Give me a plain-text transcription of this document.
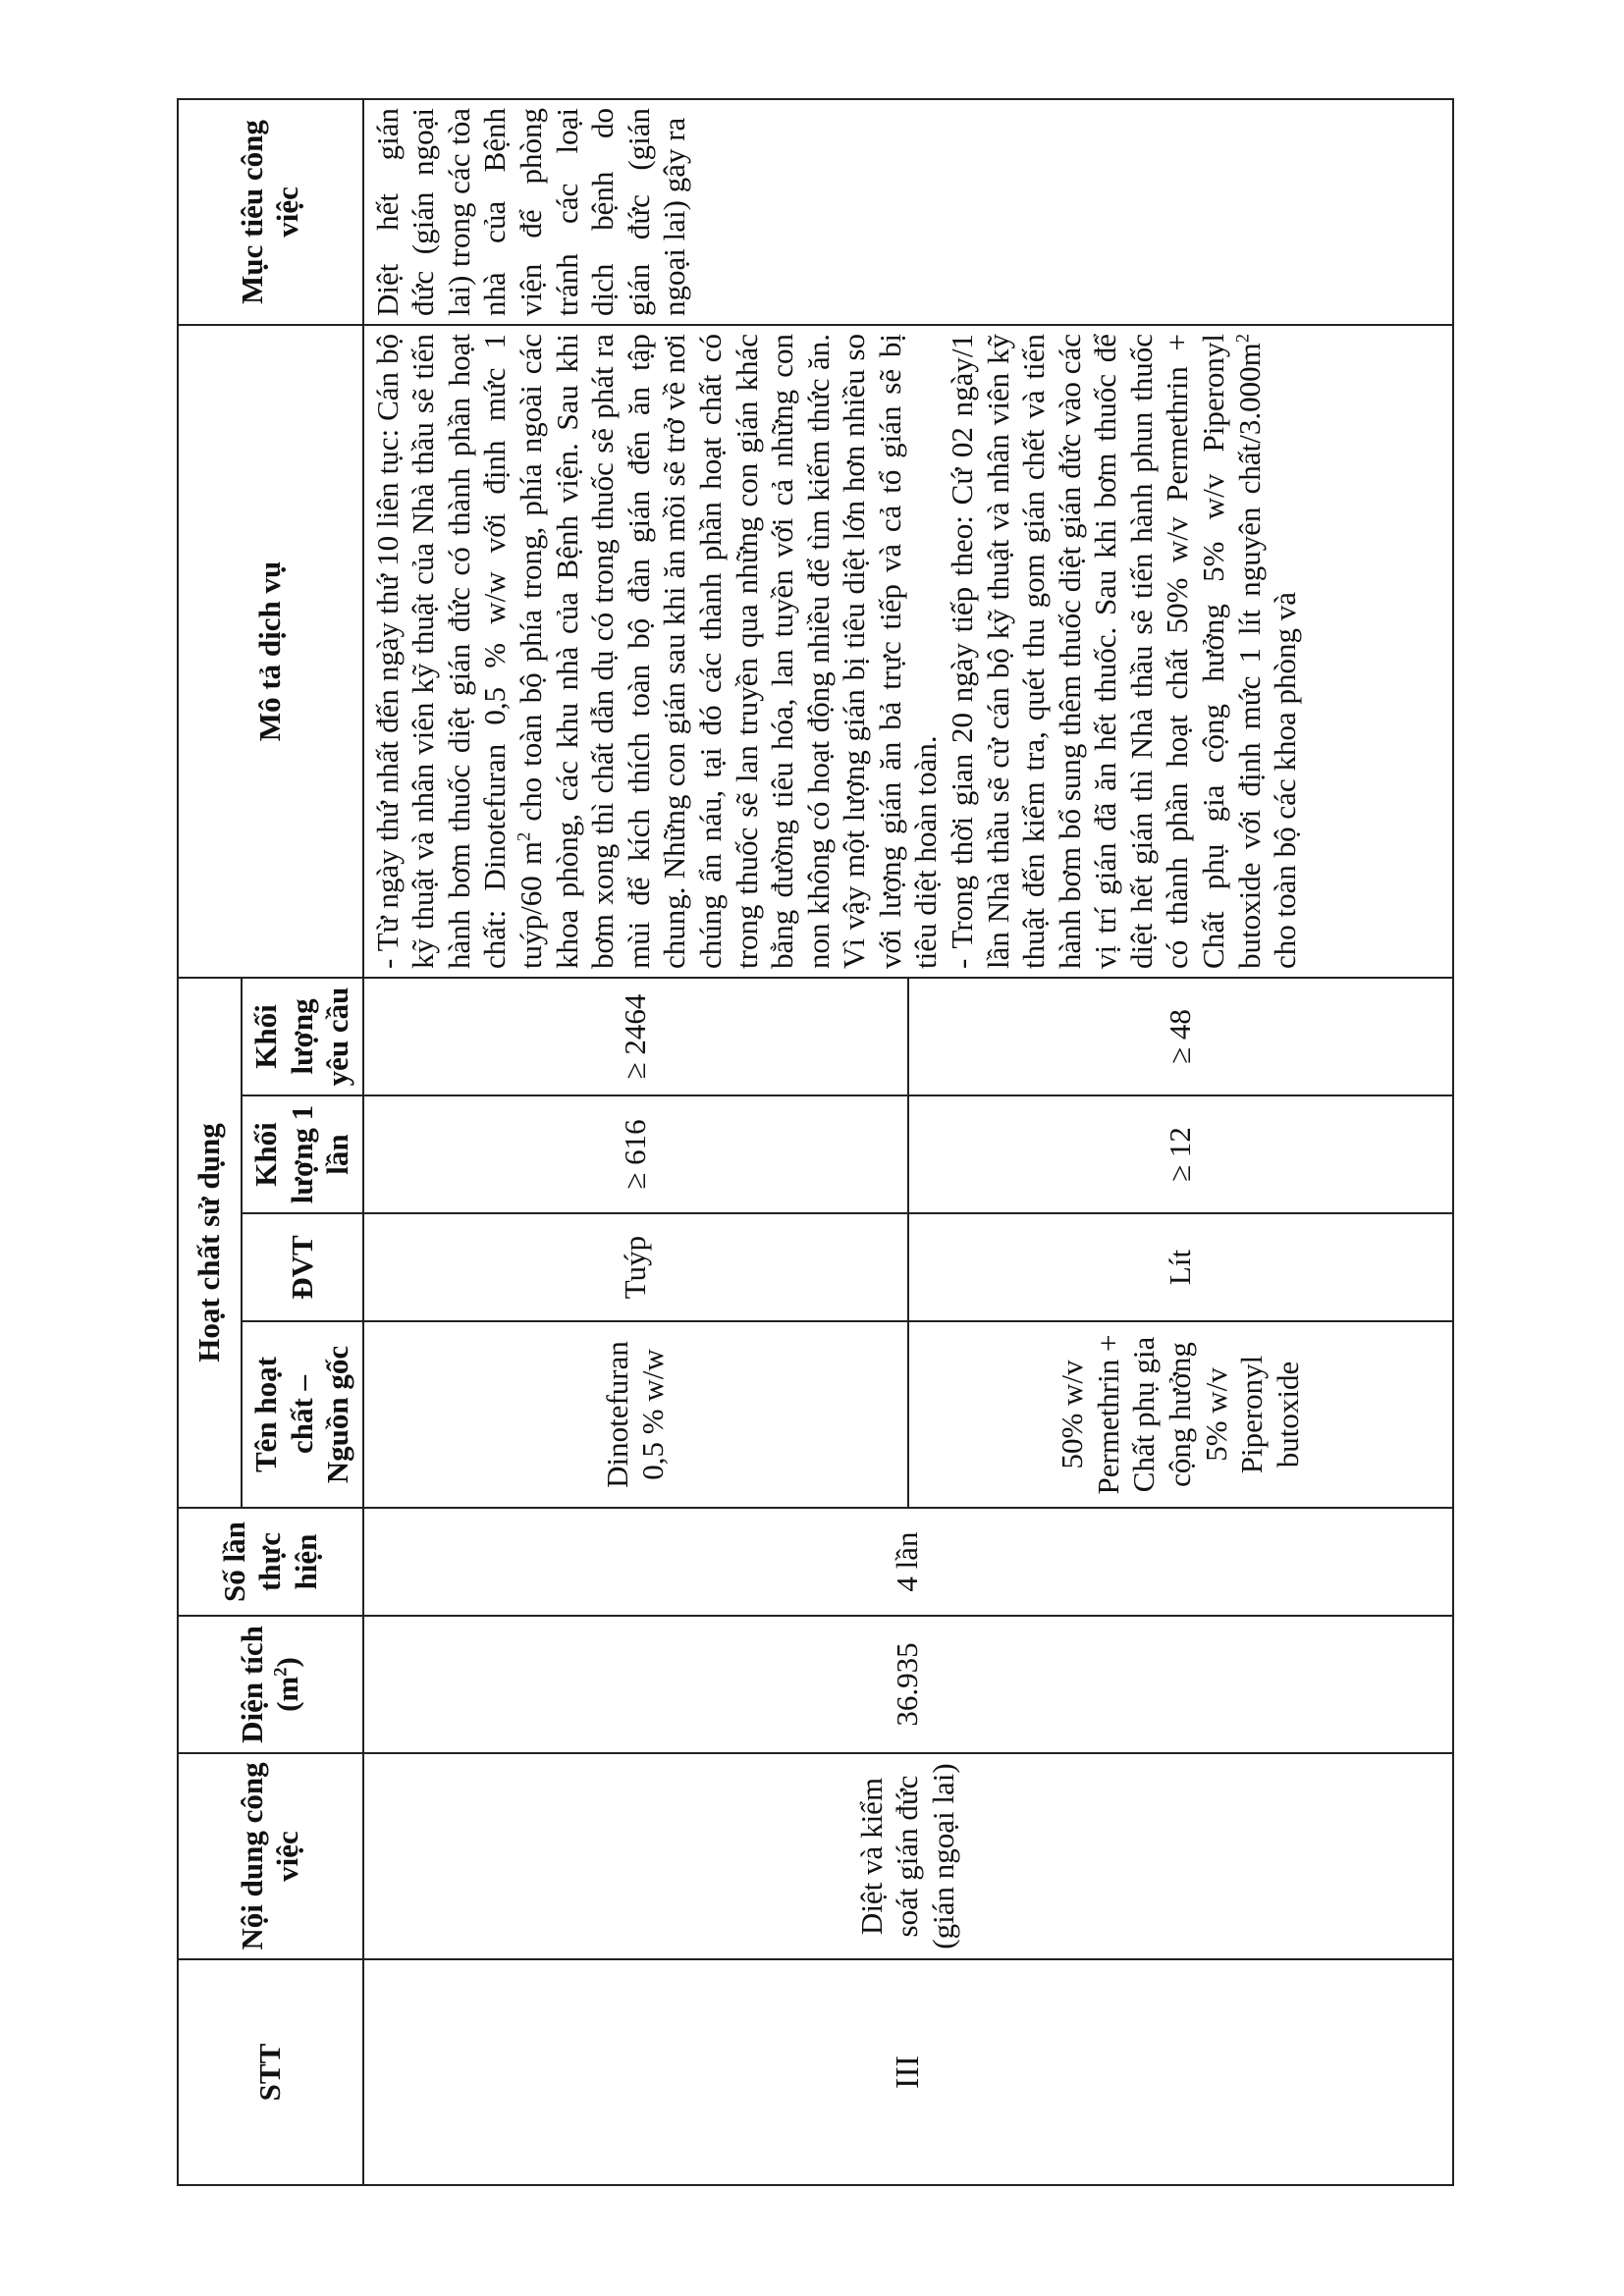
STT	Nội dung công việc	Diện tích $(m^2)$	Số lần thực hiện	Hoạt chất sử dụng				Mô tả dịch vụ	Mục tiêu công việc
				Tên hoạt chất – Nguồn gốc	ĐVT	Khối lượng 1 lần	Khối lượng yêu cầu		
III	Diệt và kiểm soát gián đức (gián ngoại lai)	36.935	4 lần	Dinotefuran 0,5 % w/w	Tuýp	≥ 616	≥ 2464	- Từ ngày thứ nhất đến ngày thứ 10 liên tục: Cán bộ kỹ thuật và nhân viên kỹ thuật của Nhà thầu sẽ tiến hành bơm thuốc diệt gián đức có thành phần hoạt chất: Dinotefuran 0,5 % w/w với định mức 1 tuýp/60 $m^2$ cho toàn bộ phía trong, phía ngoài các khoa phòng, các khu nhà của Bệnh viện. Sau khi bơm xong thì chất dẫn dụ có trong thuốc sẽ phát ra mùi để kích thích toàn bộ đàn gián đến ăn tập chung. Những con gián sau khi ăn mồi sẽ trở về nơi chúng ẩn náu, tại đó các thành phần hoạt chất có trong thuốc sẽ lan truyền qua những con gián khác bằng đường tiêu hóa, lan tuyền với cả những con non không có hoạt động nhiều để tìm kiếm thức ăn. Vì vậy một lượng gián bị tiêu diệt lớn hơn nhiều so với lượng gián ăn bả trực tiếp và cả tổ gián sẽ bị tiêu diệt hoàn toàn. - Trong thời gian 20 ngày tiếp theo: Cứ 02 ngày/1 lần Nhà thầu sẽ cử cán bộ kỹ thuật và nhân viên kỹ thuật đến kiểm tra, quét thu gom gián chết và tiến hành bơm bổ sung thêm thuốc diệt gián đức vào các vị trí gián đã ăn hết thuốc. Sau khi bơm thuốc để diệt hết gián thì Nhà thầu sẽ tiến hành phun thuốc có thành phần hoạt chất 50% w/v Permethrin + Chất phụ gia cộng hưởng 5% w/v Piperonyl butoxide với định mức 1 lít nguyên chất/$3.000m^2$ cho toàn bộ các khoa phòng và	Diệt hết gián đức (gián ngoại lai) trong các tòa nhà của Bệnh viện để phòng tránh các loại dịch bệnh do gián đức (gián ngoại lai) gây ra
				50% w/v Permethrin + Chất phụ gia cộng hưởng 5% w/v Piperonyl butoxide	Lít	≥ 12	≥ 48		
